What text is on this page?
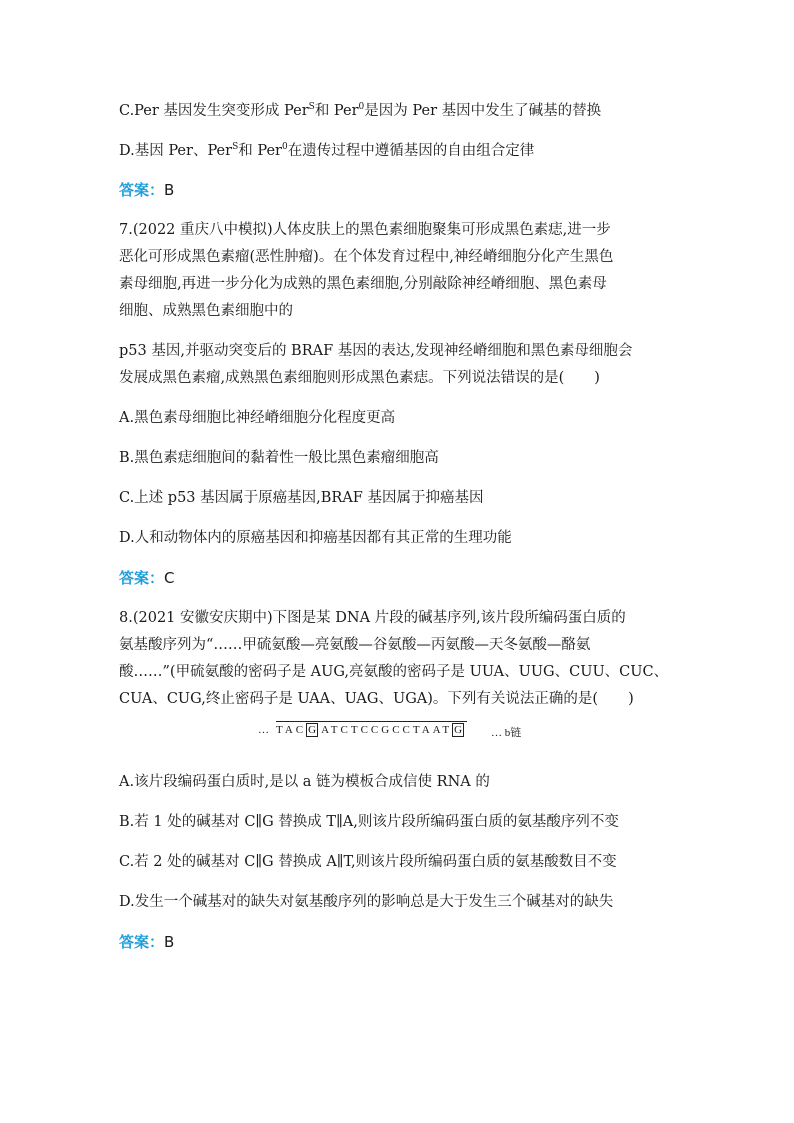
C.Per 基因发生突变形成 Per$^S$和 Per$^0$是因为 Per 基因中发生了碱基的替换
D.基因 Per、Per$^S$和 Per$^0$在遗传过程中遵循基因的自由组合定律
答案：B
7.(2022 重庆八中模拟)人体皮肤上的黑色素细胞聚集可形成黑色素痣,进一步
恶化可形成黑色素瘤(恶性肿瘤)。在个体发育过程中,神经嵴细胞分化产生黑色
素母细胞,再进一步分化为成熟的黑色素细胞,分别敲除神经嵴细胞、黑色素母
细胞、成熟黑色素细胞中的
p53 基因,并驱动突变后的 BRAF 基因的表达,发现神经嵴细胞和黑色素母细胞会
发展成黑色素瘤,成熟黑色素细胞则形成黑色素痣。下列说法错误的是( )
A.黑色素母细胞比神经嵴细胞分化程度更高
B.黑色素痣细胞间的黏着性一般比黑色素瘤细胞高
C.上述 p53 基因属于原癌基因,BRAF 基因属于抑癌基因
D.人和动物体内的原癌基因和抑癌基因都有其正常的生理功能
答案：C
8.(2021 安徽安庆期中)下图是某 DNA 片段的碱基序列,该片段所编码蛋白质的
氨基酸序列为“……甲硫氨酸—亮氨酸—谷氨酸—丙氨酸—天冬氨酸—酪氨
酸……”(甲硫氨酸的密码子是 AUG,亮氨酸的密码子是 UUA、UUG、CUU、CUC、
CUA、CUG,终止密码子是 UAA、UAG、UGA)。下列有关说法正确的是( )
… TAC G ATCTCCGCCTAAT G	… b链
A.该片段编码蛋白质时,是以 a 链为模板合成信使 RNA 的
B.若 1 处的碱基对 C∥G 替换成 T∥A,则该片段所编码蛋白质的氨基酸序列不变
C.若 2 处的碱基对 C∥G 替换成 A∥T,则该片段所编码蛋白质的氨基酸数目不变
D.发生一个碱基对的缺失对氨基酸序列的影响总是大于发生三个碱基对的缺失
答案：B
